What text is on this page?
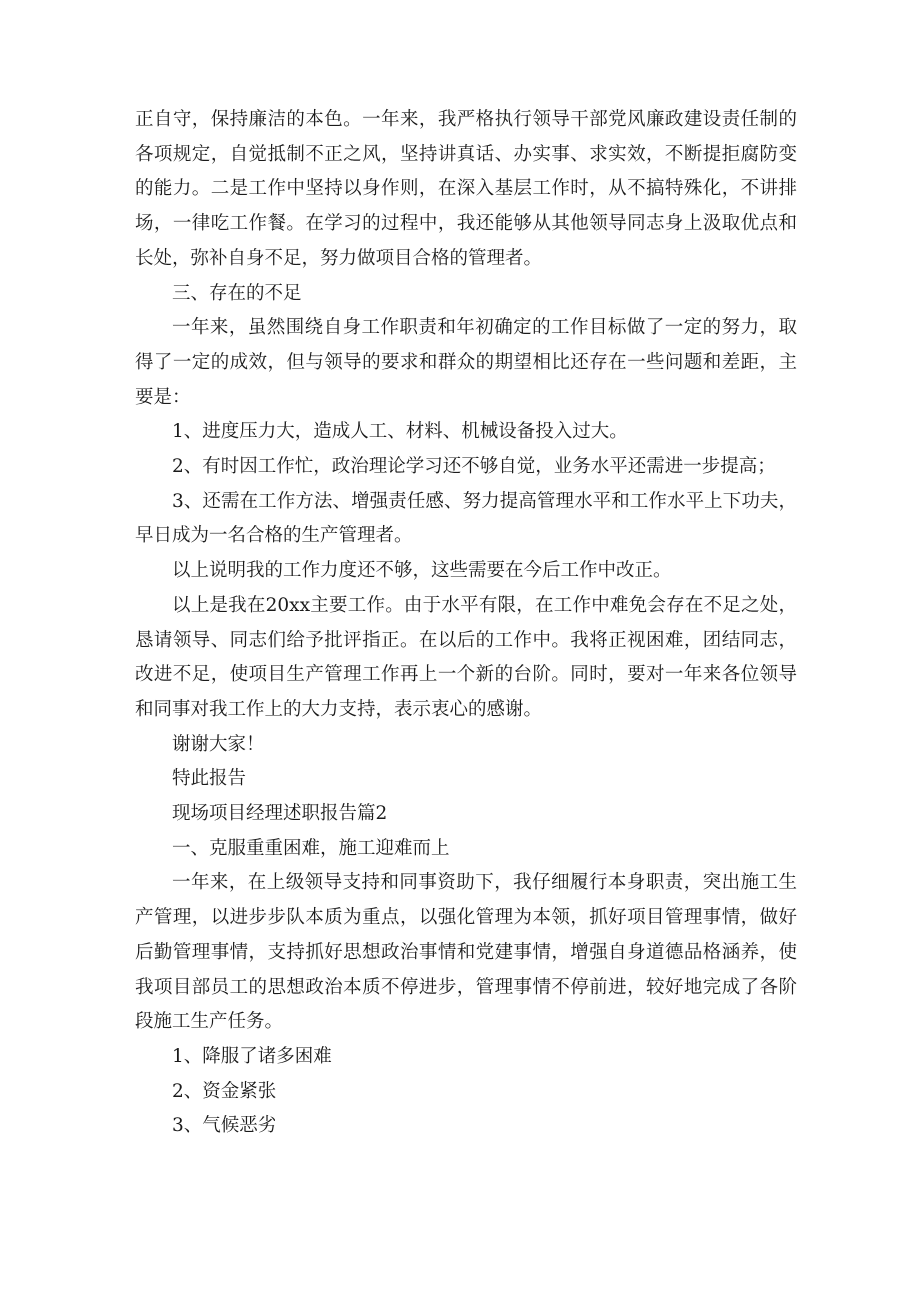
正自守，保持廉洁的本色。一年来，我严格执行领导干部党风廉政建设责任制的各项规定，自觉抵制不正之风，坚持讲真话、办实事、求实效，不断提拒腐防变的能力。二是工作中坚持以身作则，在深入基层工作时，从不搞特殊化，不讲排场，一律吃工作餐。在学习的过程中，我还能够从其他领导同志身上汲取优点和长处，弥补自身不足，努力做项目合格的管理者。

三、存在的不足

一年来，虽然围绕自身工作职责和年初确定的工作目标做了一定的努力，取得了一定的成效，但与领导的要求和群众的期望相比还存在一些问题和差距，主要是：

1、进度压力大，造成人工、材料、机械设备投入过大。

2、有时因工作忙，政治理论学习还不够自觉，业务水平还需进一步提高；

3、还需在工作方法、增强责任感、努力提高管理水平和工作水平上下功夫，早日成为一名合格的生产管理者。

以上说明我的工作力度还不够，这些需要在今后工作中改正。

以上是我在20xx主要工作。由于水平有限，在工作中难免会存在不足之处，恳请领导、同志们给予批评指正。在以后的工作中。我将正视困难，团结同志，改进不足，使项目生产管理工作再上一个新的台阶。同时，要对一年来各位领导和同事对我工作上的大力支持，表示衷心的感谢。

谢谢大家！

特此报告

现场项目经理述职报告篇2

一、克服重重困难，施工迎难而上

一年来，在上级领导支持和同事资助下，我仔细履行本身职责，突出施工生产管理，以进步步队本质为重点，以强化管理为本领，抓好项目管理事情，做好后勤管理事情，支持抓好思想政治事情和党建事情，增强自身道德品格涵养，使我项目部员工的思想政治本质不停进步，管理事情不停前进，较好地完成了各阶段施工生产任务。

1、降服了诸多困难

2、资金紧张

3、气候恶劣
